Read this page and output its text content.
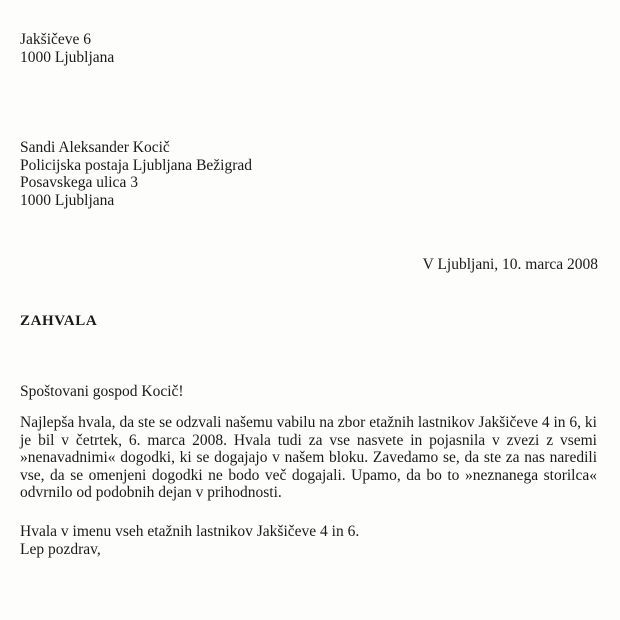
Jakšičeve 6
1000 Ljubljana
Sandi Aleksander Kocič
Policijska postaja Ljubljana Bežigrad
Posavskega ulica 3
1000 Ljubljana
V Ljubljani, 10. marca 2008
ZAHVALA
Spoštovani gospod Kocič!
Najlepša hvala, da ste se odzvali našemu vabilu na zbor etažnih lastnikov Jakšičeve 4 in 6, ki
je bil v četrtek, 6. marca 2008. Hvala tudi za vse nasvete in pojasnila v zvezi z vsemi
»nenavadnimi« dogodki, ki se dogajajo v našem bloku. Zavedamo se, da ste za nas naredili
vse, da se omenjeni dogodki ne bodo več dogajali. Upamo, da bo to »neznanega storilca«
odvrnilo od podobnih dejan v prihodnosti.
Hvala v imenu vseh etažnih lastnikov Jakšičeve 4 in 6.
Lep pozdrav,
